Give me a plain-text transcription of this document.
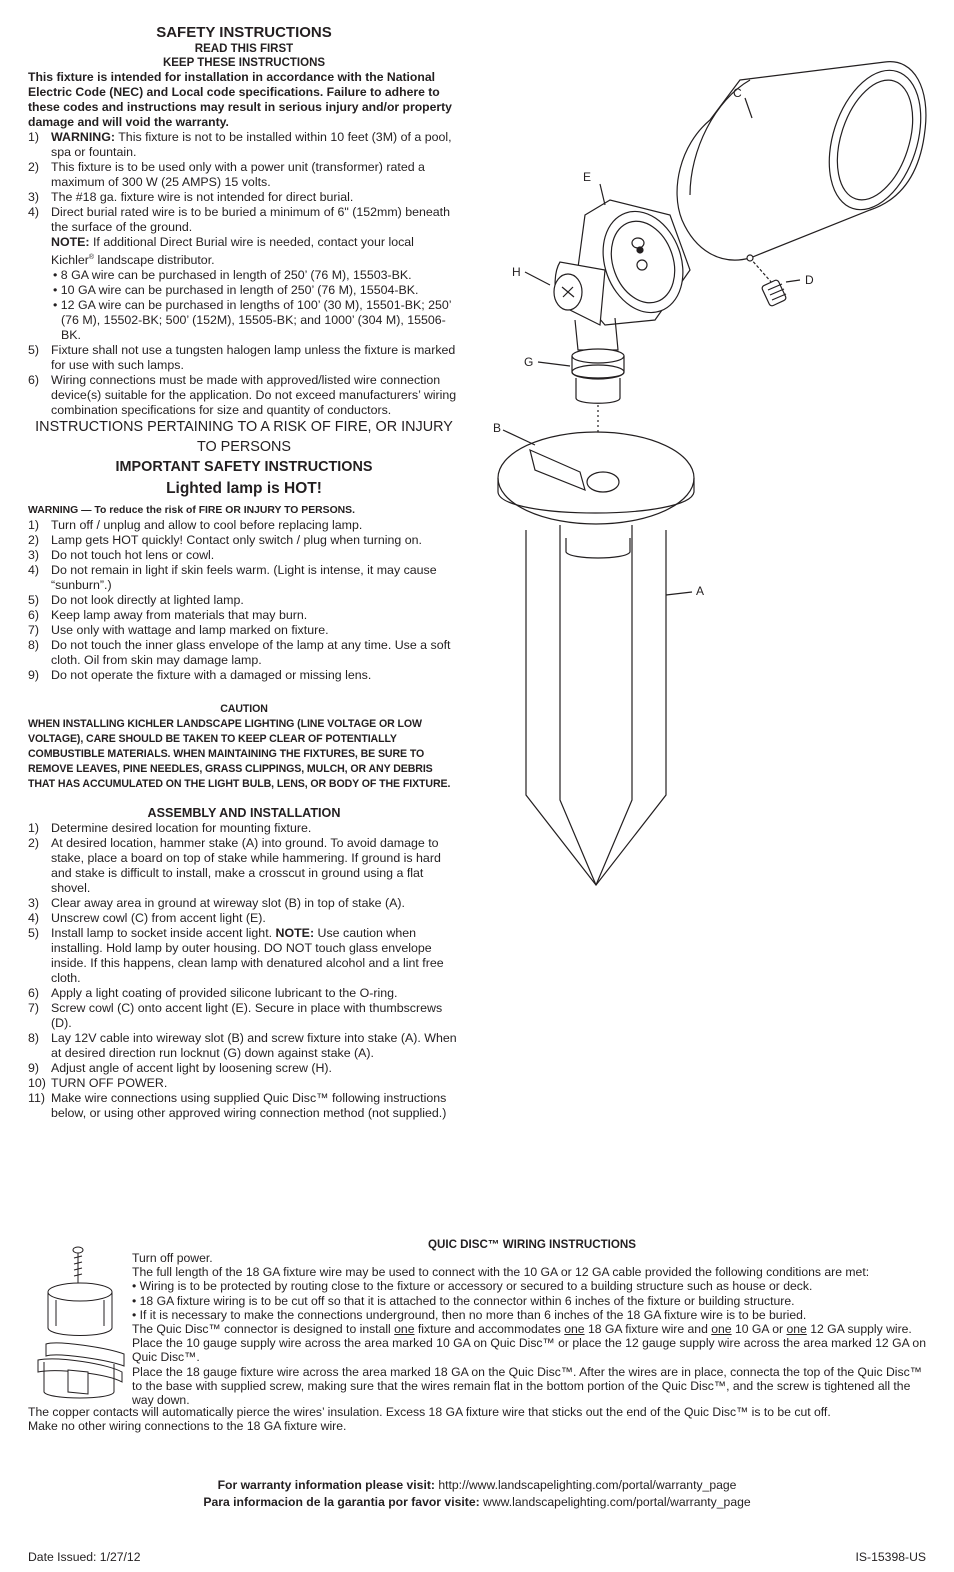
SAFETY INSTRUCTIONS
READ THIS FIRST
KEEP THESE INSTRUCTIONS
This fixture is intended for installation in accordance with the National Electric Code (NEC) and Local code specifications. Failure to adhere to these codes and instructions may result in serious injury and/or property damage and will void the warranty.
1) WARNING: This fixture is not to be installed within 10 feet (3M) of a pool, spa or fountain.
2) This fixture is to be used only with a power unit (transformer) rated a maximum of 300 W (25 AMPS) 15 volts.
3) The #18 ga. fixture wire is not intended for direct burial.
4) Direct burial rated wire is to be buried a minimum of 6" (152mm) beneath the surface of the ground.
NOTE: If additional Direct Burial wire is needed, contact your local Kichler® landscape distributor.
• 8 GA wire can be purchased in length of 250’ (76 M), 15503-BK.
• 10 GA wire can be purchased in length of 250’ (76 M), 15504-BK.
• 12 GA wire can be purchased in lengths of 100’ (30 M), 15501-BK; 250’ (76 M), 15502-BK; 500’ (152M), 15505-BK; and 1000’ (304 M), 15506-BK.
5) Fixture shall not use a tungsten halogen lamp unless the fixture is marked for use with such lamps.
6) Wiring connections must be made with approved/listed wire connection device(s) suitable for the application. Do not exceed manufacturers’ wiring combination specifications for size and quantity of conductors.
INSTRUCTIONS PERTAINING TO A RISK OF FIRE, OR INJURY TO PERSONS
IMPORTANT SAFETY INSTRUCTIONS
Lighted lamp is HOT!
WARNING — To reduce the risk of FIRE OR INJURY TO PERSONS.
1) Turn off / unplug and allow to cool before replacing lamp.
2) Lamp gets HOT quickly! Contact only switch / plug when turning on.
3) Do not touch hot lens or cowl.
4) Do not remain in light if skin feels warm. (Light is intense, it may cause “sunburn”.)
5) Do not look directly at lighted lamp.
6) Keep lamp away from materials that may burn.
7) Use only with wattage and lamp marked on fixture.
8) Do not touch the inner glass envelope of the lamp at any time. Use a soft cloth. Oil from skin may damage lamp.
9) Do not operate the fixture with a damaged or missing lens.
CAUTION
WHEN INSTALLING KICHLER LANDSCAPE LIGHTING (LINE VOLTAGE OR LOW VOLTAGE), CARE SHOULD BE TAKEN TO KEEP CLEAR OF POTENTIALLY COMBUSTIBLE MATERIALS. WHEN MAINTAINING THE FIXTURES, BE SURE TO REMOVE LEAVES, PINE NEEDLES, GRASS CLIPPINGS, MULCH, OR ANY DEBRIS THAT HAS ACCUMULATED ON THE LIGHT BULB, LENS, OR BODY OF THE FIXTURE.
ASSEMBLY AND INSTALLATION
1) Determine desired location for mounting fixture.
2) At desired location, hammer stake (A) into ground. To avoid damage to stake, place a board on top of stake while hammering. If ground is hard and stake is difficult to install, make a crosscut in ground using a flat shovel.
3) Clear away area in ground at wireway slot (B) in top of stake (A).
4) Unscrew cowl (C) from accent light (E).
5) Install lamp to socket inside accent light. NOTE: Use caution when installing. Hold lamp by outer housing. DO NOT touch glass envelope inside. If this happens, clean lamp with denatured alcohol and a lint free cloth.
6) Apply a light coating of provided silicone lubricant to the O-ring.
7) Screw cowl (C) onto accent light (E). Secure in place with thumbscrews (D).
8) Lay 12V cable into wireway slot (B) and screw fixture into stake (A). When at desired direction run locknut (G) down against stake (A).
9) Adjust angle of accent light by loosening screw (H).
10) TURN OFF POWER.
11) Make wire connections using supplied Quic Disc™ following instructions below, or using other approved wiring connection method (not supplied.)
C
E
H
G
B
A
D
QUIC DISC™ WIRING INSTRUCTIONS
Turn off power.
The full length of the 18 GA fixture wire may be used to connect with the 10 GA or 12 GA cable provided the following conditions are met:
• Wiring is to be protected by routing close to the fixture or accessory or secured to a building structure such as house or deck.
• 18 GA fixture wiring is to be cut off so that it is attached to the connector within 6 inches of the fixture or building structure.
• If it is necessary to make the connections underground, then no more than 6 inches of the 18 GA fixture wire is to be buried.
The Quic Disc™ connector is designed to install one fixture and accommodates one 18 GA fixture wire and one 10 GA or one 12 GA supply wire. Place the 10 gauge supply wire across the area marked 10 GA on Quic Disc™ or place the 12 gauge supply wire across the area marked 12 GA on Quic Disc™.
Place the 18 gauge fixture wire across the area marked 18 GA on the Quic Disc™. After the wires are in place, connecta the top of the Quic Disc™ to the base with supplied screw, making sure that the wires remain flat in the bottom portion of the Quic Disc™, and the screw is tightened all the way down.
The copper contacts will automatically pierce the wires’ insulation. Excess 18 GA fixture wire that sticks out the end of the Quic Disc™ is to be cut off.
Make no other wiring connections to the 18 GA fixture wire.
For warranty information please visit: http://www.landscapelighting.com/portal/warranty_page
Para informacion de la garantia por favor visite: www.landscapelighting.com/portal/warranty_page
Date Issued: 1/27/12	IS-15398-US
